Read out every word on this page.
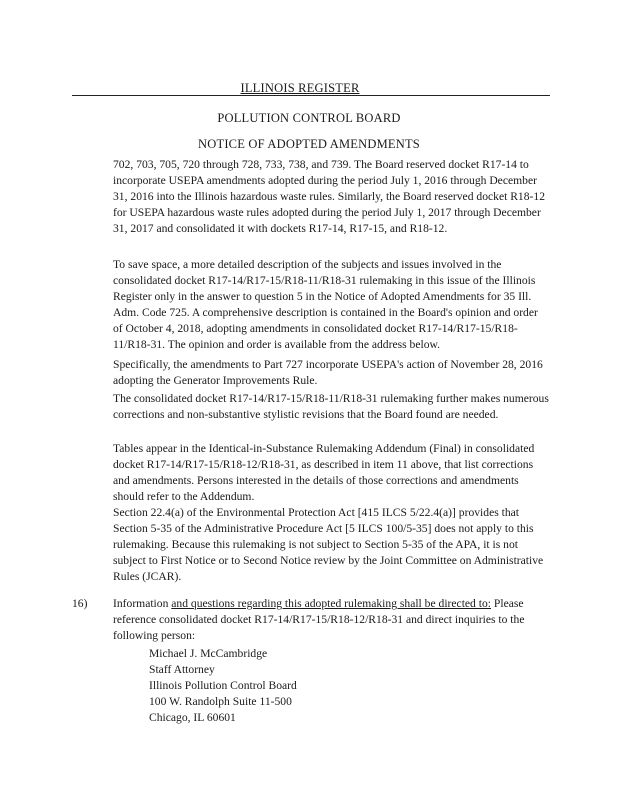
ILLINOIS REGISTER
POLLUTION CONTROL BOARD
NOTICE OF ADOPTED AMENDMENTS

702, 703, 705, 720 through 728, 733, 738, and 739. The Board reserved docket R17-14 to incorporate USEPA amendments adopted during the period July 1, 2016 through December 31, 2016 into the Illinois hazardous waste rules. Similarly, the Board reserved docket R18-12 for USEPA hazardous waste rules adopted during the period July 1, 2017 through December 31, 2017 and consolidated it with dockets R17-14, R17-15, and R18-12.

To save space, a more detailed description of the subjects and issues involved in the consolidated docket R17-14/R17-15/R18-11/R18-31 rulemaking in this issue of the Illinois Register only in the answer to question 5 in the Notice of Adopted Amendments for 35 Ill. Adm. Code 725. A comprehensive description is contained in the Board's opinion and order of October 4, 2018, adopting amendments in consolidated docket R17-14/R17-15/R18-11/R18-31. The opinion and order is available from the address below.

Specifically, the amendments to Part 727 incorporate USEPA's action of November 28, 2016 adopting the Generator Improvements Rule.

The consolidated docket R17-14/R17-15/R18-11/R18-31 rulemaking further makes numerous corrections and non-substantive stylistic revisions that the Board found are needed.

Tables appear in the Identical-in-Substance Rulemaking Addendum (Final) in consolidated docket R17-14/R17-15/R18-12/R18-31, as described in item 11 above, that list corrections and amendments. Persons interested in the details of those corrections and amendments should refer to the Addendum.

Section 22.4(a) of the Environmental Protection Act [415 ILCS 5/22.4(a)] provides that Section 5-35 of the Administrative Procedure Act [5 ILCS 100/5-35] does not apply to this rulemaking. Because this rulemaking is not subject to Section 5-35 of the APA, it is not subject to First Notice or to Second Notice review by the Joint Committee on Administrative Rules (JCAR).

16) Information and questions regarding this adopted rulemaking shall be directed to: Please reference consolidated docket R17-14/R17-15/R18-12/R18-31 and direct inquiries to the following person:

Michael J. McCambridge
Staff Attorney
Illinois Pollution Control Board
100 W. Randolph Suite 11-500
Chicago, IL 60601
